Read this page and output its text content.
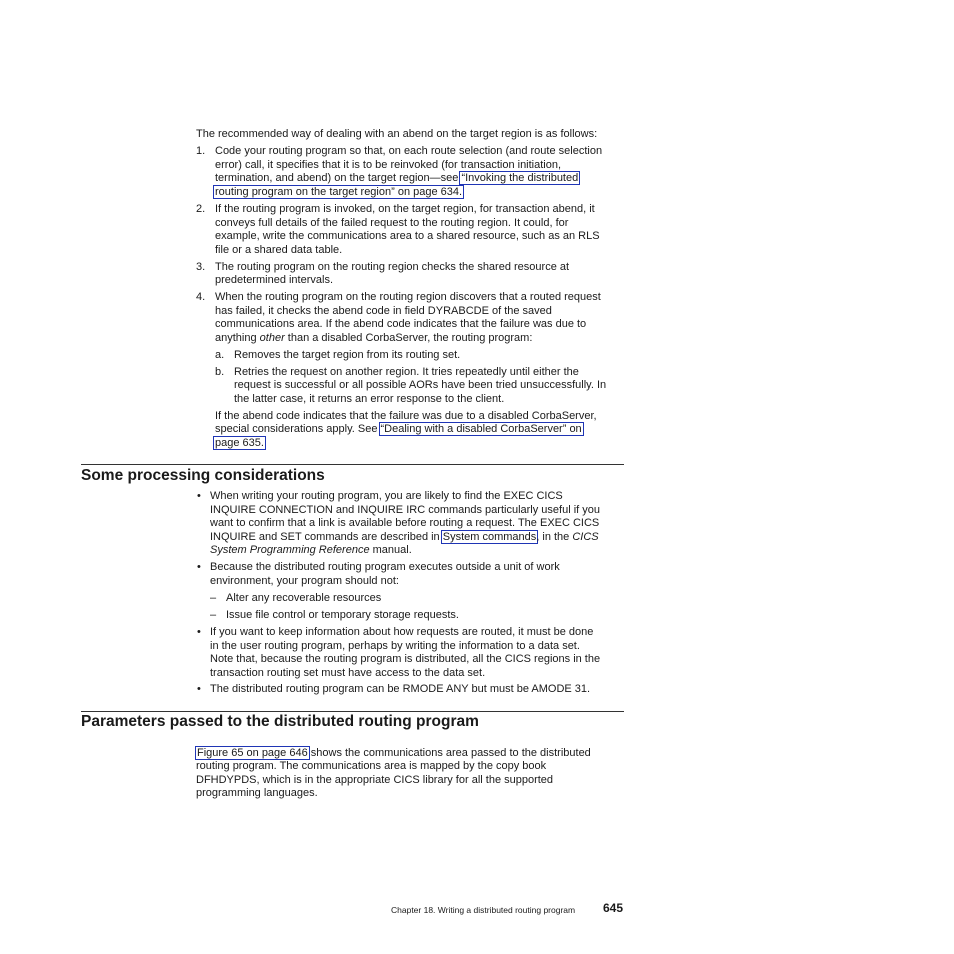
The recommended way of dealing with an abend on the target region is as follows:

1. Code your routing program so that, on each route selection (and route selection

error) call, it specifies that it is to be reinvoked (for transaction initiation,

termination, and abend) on the target region—see “Invoking the distributed

routing program on the target region” on page 634.

2. If the routing program is invoked, on the target region, for transaction abend, it

conveys full details of the failed request to the routing region. It could, for

example, write the communications area to a shared resource, such as an RLS

file or a shared data table.

3. The routing program on the routing region checks the shared resource at

predetermined intervals.

4. When the routing program on the routing region discovers that a routed request

has failed, it checks the abend code in field DYRABCDE of the saved

communications area. If the abend code indicates that the failure was due to

anything other than a disabled CorbaServer, the routing program:

a. Removes the target region from its routing set.

b. Retries the request on another region. It tries repeatedly until either the

request is successful or all possible AORs have been tried unsuccessfully. In

the latter case, it returns an error response to the client.

If the abend code indicates that the failure was due to a disabled CorbaServer,

special considerations apply. See “Dealing with a disabled CorbaServer” on

page 635.

Some processing considerations
• When writing your routing program, you are likely to find the EXEC CICS

INQUIRE CONNECTION and INQUIRE IRC commands particularly useful if you

want to confirm that a link is available before routing a request. The EXEC CICS

INQUIRE and SET commands are described in System commands, in the CICS

System Programming Reference manual.

• Because the distributed routing program executes outside a unit of work

environment, your program should not:

– Alter any recoverable resources

– Issue file control or temporary storage requests.

• If you want to keep information about how requests are routed, it must be done

in the user routing program, perhaps by writing the information to a data set.

Note that, because the routing program is distributed, all the CICS regions in the

transaction routing set must have access to the data set.

• The distributed routing program can be RMODE ANY but must be AMODE 31.

Parameters passed to the distributed routing program

Figure 65 on page 646 shows the communications area passed to the distributed

routing program. The communications area is mapped by the copy book

DFHDYPDS, which is in the appropriate CICS library for all the supported

programming languages.

Chapter 18. Writing a distributed routing program 645
